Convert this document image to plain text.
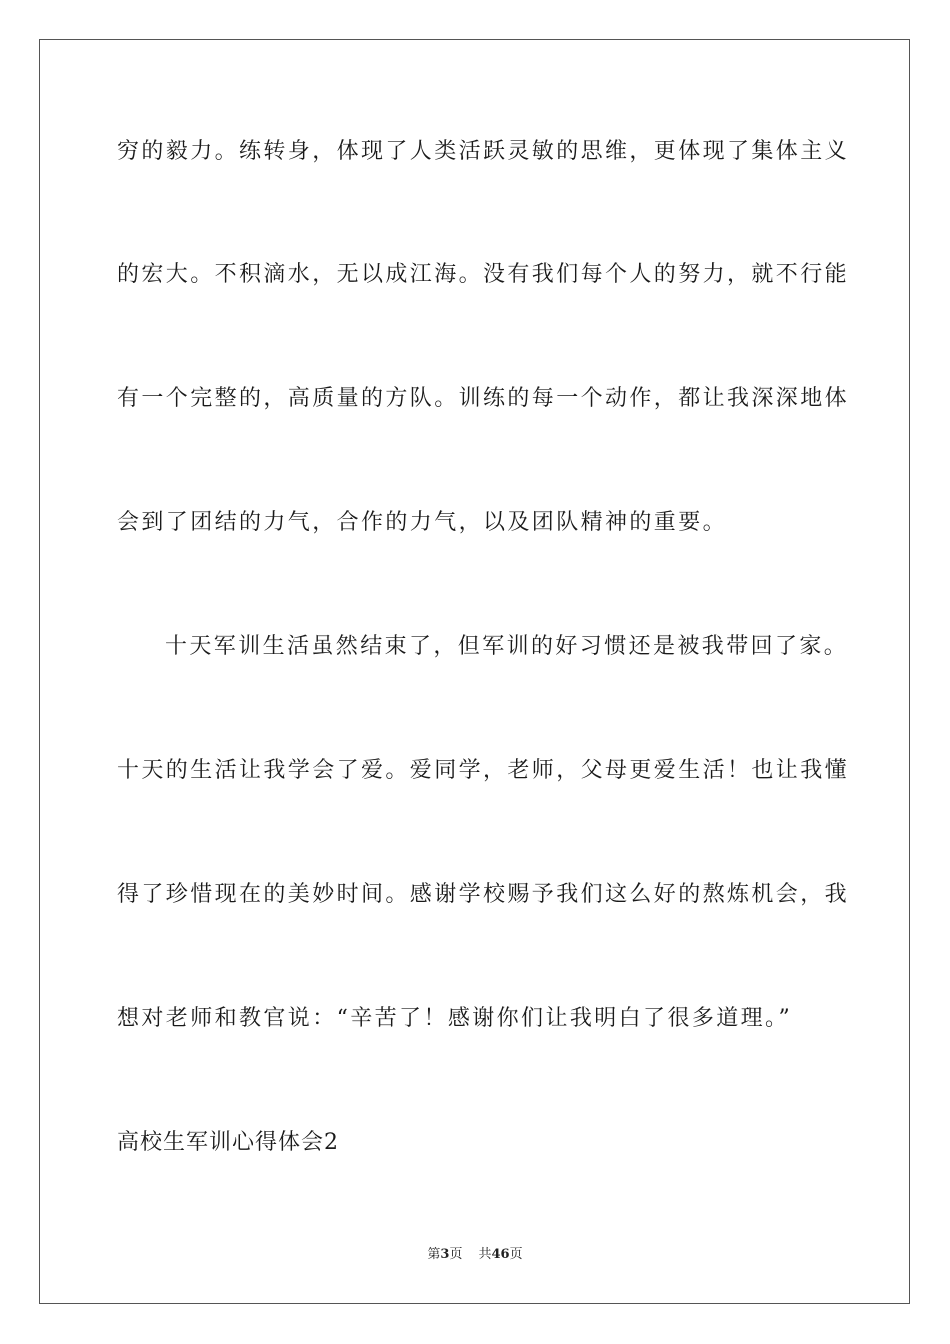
穷的毅力。练转身，体现了人类活跃灵敏的思维，更体现了集体主义
的宏大。不积滴水，无以成江海。没有我们每个人的努力，就不行能
有一个完整的，高质量的方队。训练的每一个动作，都让我深深地体
会到了团结的力气，合作的力气，以及团队精神的重要。
十天军训生活虽然结束了，但军训的好习惯还是被我带回了家。
十天的生活让我学会了爱。爱同学，老师，父母更爱生活！也让我懂
得了珍惜现在的美妙时间。感谢学校赐予我们这么好的熬炼机会，我
想对老师和教官说：“辛苦了！感谢你们让我明白了很多道理。”
高校生军训心得体会2
第3页 共46页
